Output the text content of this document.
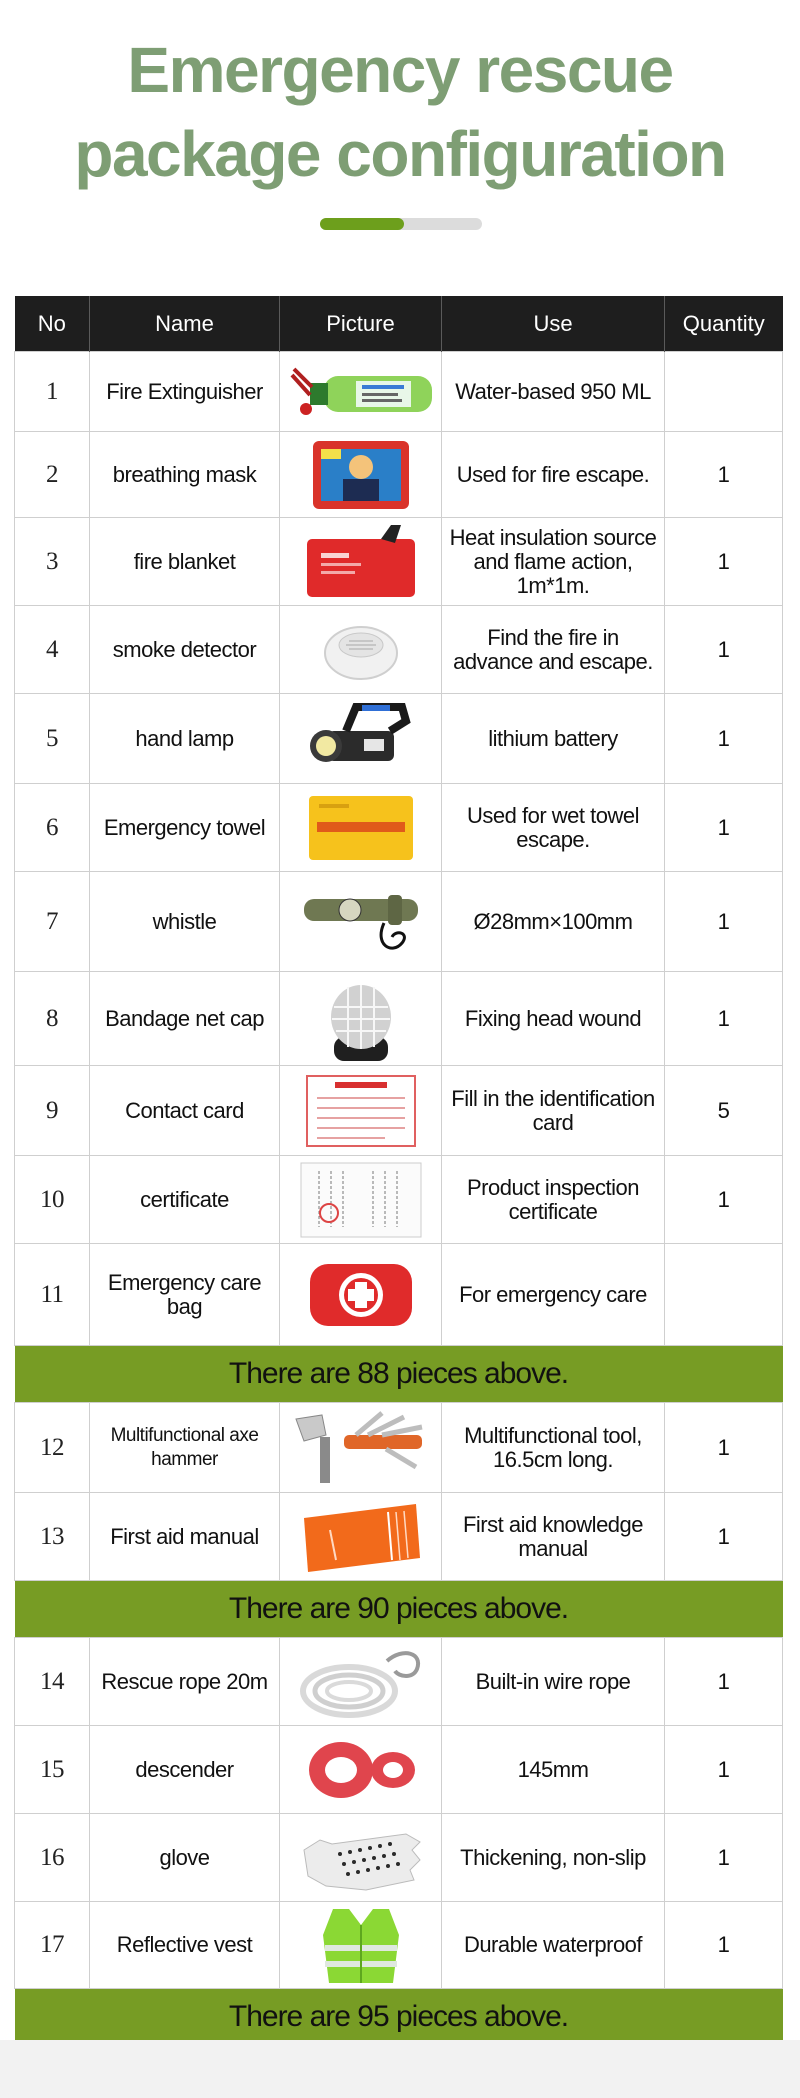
Emergency rescue
package configuration
No	Name	Picture	Use	Quantity
1	Fire Extinguisher		Water-based 950 ML	
2	breathing mask		Used for fire escape.	1
3	fire blanket		Heat insulation source and flame action, 1m*1m.	1
4	smoke detector		Find the fire in advance and escape.	1
5	hand lamp		lithium battery	1
6	Emergency towel		Used for wet towel escape.	1
7	whistle		Ø28mm×100mm	1
8	Bandage net cap		Fixing head wound	1
9	Contact card		Fill in the identification card	5
10	certificate		Product inspection certificate	1
11	Emergency care bag		For emergency care	
There are 88 pieces above.				
12	Multifunctional axe hammer		Multifunctional tool, 16.5cm long.	1
13	First aid manual		First aid knowledge manual	1
There are 90 pieces above.				
14	Rescue rope 20m		Built-in wire rope	1
15	descender		145mm	1
16	glove		Thickening, non-slip	1
17	Reflective vest		Durable waterproof	1
There are 95 pieces above.				
